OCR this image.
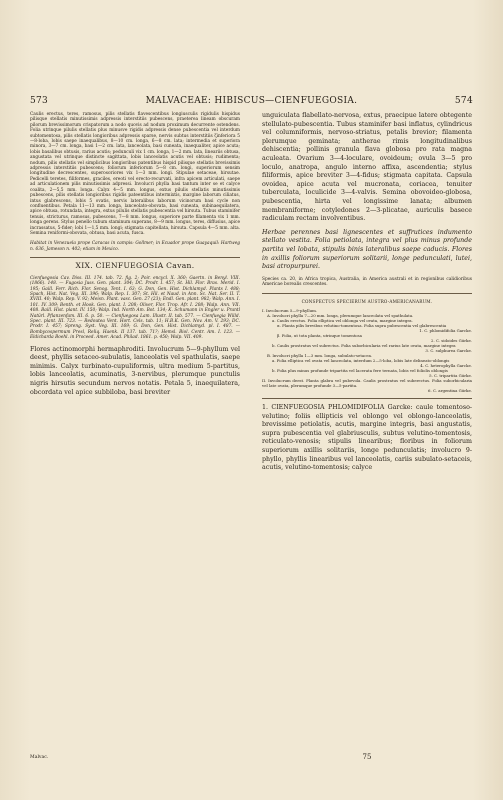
573	MALVACEAE: HIBISCUS—CIENFUEGOSIA.	574

Caulis erectus, teres, ramosus, pilis stellatis flavescentibus longiusculis rigidulis hispidus pilisque stellatis minutissimis adpressis interstitiis pubescens, praeterea lineam obscuram pilorum brevissimorum crispatorum a nodo quovis ad nodum proximum decurrente ostendens. Folia utrinque pilulis stellatis plus minusve rigidis adpressis dense pubescentia vel interdum subtomentosa, pilis stellatis longioribus adpressis sparse, nervis subtus interstitiis ζinferiora 5—8-loba, lobis saepe inaequalibus, 8—10 cm. longa, 6—8 cm. lata; intermedia et superiora minora, 3—7 cm. longa, basi 1—2 cm. lata, lanceolata, basi cuneata, inaequaliter, apice acuta; lobis basalibus obtusis, rarius acutis; pedunculi vix 1 cm. longa, 1—2 mm. lata, lineariis obtusa, angustata vel utrinque distincte sagittata, lobis lanceolatis acutis vel obtusis; rudimenta; nodum, pilis stellatis vel simplicibus longioribus patentibus hispid pilisque stellatis brevissimis adpressis interstitiis pubescens; foliorum inferiorum 5—8 cm. longi, superiorum sensim longitudine decrescentes, superosoriores vix 1—3 mm. longi. Stipulae setaceae, hirsutae. Pedicelli teretes, filiformes, graciles, ereoti vel erecto-recurvati, infra apicem articulati, saepe ad articulationem pilis minutissimis adpressi. Involucri phylla basi tantum inter se et calyce coalita, 2—5,5 mm. longa. Calyx 4—5 mm. longus, extus pilulis stellatis minutissimis pubescens, pilis stellatis longioribus rigidis pateentibus intermixtis, margine laborum ciliatus, intus glabrescens, lobis 5 ovatis, nervis lateralibus laborum vicinorum basi cycle non confluentibus. Petala 11—13 mm. longa, lanceolato-obovata, basi cuneata, subinaequilatera, apice obtusa, rotundata, integra, extus pilulis stellatis pubescentia vel hirsuta. Tubus staminifer tenuis, stricturus, ramosus, pubescens, 7—8 mm. longus, superiore parte filamenta vix 1 mm. longa gerens. Stylus penello tubum staminum superans, 8—9 mm. longus, teres, diffusius, apice incrassatus, 5-fider; lobi 1—1,5 mm. longi; stigmata capitellata, hirsuta. Capsula 4—5 mm. alta. Semina reniformi-obovata, obtusa, basi acuta, fusca.

Habitat in Venezuela prope Caracas in campis: Gollmer; in Ecuador prope Guayaquil: Hartweg n. 636, Jameson n. 402; etiam in Mexico.

XIX. CIENFUEGOSIA Cavan.

Cienfuegosia Cav. Diss. III. 174. tab. 72. fig. 2; Poir. encycl. X. 360; Gaertn. in Benyl. VIII. (1866). 148. — Fugosia Juss. Gen. plant. 304; DC. Prodr. I. 457; St. Hil. Flor. Bras. Merid. I. 195; Gaill. Ferr. Rich. Flor. Senog. Tent. I. 63; G. Don, Gen. Hist. Dichlamyd. Plants I. 488; Spach, Hist. Nat. Veg. III. 396; Walp. Rep. I. 307; St. Hil. et Naud. in Ann. Sc. Nat. Ser. II. T. XVIII. 40; Walp. Rep. V. 92; Meisn. Plant. vasc. Gen. 27 (23); Endl. Gen. plant. 982; Walp. Ann. I. 101. IV. 309; Benth. et Hook. Gen. plant. I. 208; Oliver, Flor. Trop. Afr. I. 208; Walp. Ann. VII. 408. Baill. Hist. plant. IV. 150; Walp. Ind. North Am. Bot. 134; K. Schumann in Engler u. Prantl Natürl. Pflanzenfam. III. 6. p. 50. — Cienfuegosa Lam. Illustr. II. tab. 577. — Cienfuegia Willd. Spec. plant. III. 723. — Redoutea Vent. Hort. Cels. tab. 11; H.B.K. Gen. Nov. Am. V. 293; DC. Prodr. I. 457; Spreng. Syst. Veg. III. 169; G. Don, Gen. Hist. Dichlamyd. pl. I. 487. — Bombycospermum Presl, Reliq. Haenk. II 137. tab. 71?; Hemsl. Biol. Centr. Am. I. 123. — Eldicharda Boehl. in Proceed. Amer. Acad. Philad. 1861. p. 450; Walp. VII. 409.

Flores actinomorphi hermaphroditi. Involucrum 5—9-phyllum vel deest, phyllis setaceo-subulatis, lanceolatis vel spathulatis, saepe minimis. Calyx turbinato-cupuliformis, ultra medium 5-partitus, lobis lanceolatis, acuminatis, 3-nervibus, plerumque punctulis nigris hirsutis secundum nervos notatis. Petala 5, inaequilatera, obcordata vel apice subbiloba, basi breviter

unguiculata flabellato-nervosa, extus, praecipue latere obtegente stellulato-pubescentia. Tubus staminifer basi inflatus, cylindricus vel columniformis, nervoso-striatus, petalis brevior; filamenta plerumque geminata; antherae rimis longitudinalibus dehiscentia; pollinis granula flava globosa pro rata magna aculeata. Ovarium 3—4-loculare, ovoideum; ovula 3—5 pro loculo, anatropa, angulo interno affixa, ascendentia; stylus filiformis, apice breviter 3—4-fidus; stigmata capitata. Capsula ovoidea, apice acuta vel mucronata, coriacea, tenuiter tuberculata, loculicide 3—4-valvis. Semina obovoideo-globosa, pubescentia, hirta vel longissime lanata; albumen membraniforme; cotyledones 2—3-plicatae, auriculis basece radiculam rectam involventibus.

Herbae perennes basi lignescentes et suffrutices indumento stellato vestita. Folia petiolata, integra vel plus minus profunde partita vel lobata, stipulis binis lateralibus saepe caducis. Flores in axillis foliorum superiorum solitarii, longe pedunculati, lutei, basi atropurpurei.

Species ca. 20, in Africa tropica, Australia, in America australi et in regionibus calidioribus Americae borealis crescentes.

CONSPECTUS SPECIERUM AUSTRO-AMERICANARUM.
I. Involucrum 5—9-phyllum.
A. Involucri phylla 7—20 mm. longa, plerumque lanceolata vel spathulata.
a. Caulis erectus. Folia elliptica vel oblonga vel ovata, margine integra.
α. Planta pilis brevibus velutino-tomentosa. Folia supra pubescentia vel glabrescentia
1. C. phlomidifolia Garcke.
β. Folia, ut tota planta, utrinque tomentosa
2. C. sidoides Gürke.
b. Caulis prostratus vel subrectus. Folia suborbicularia vel rarius late ovata, margine integra
3. C. sulphurea Garcke.
B. Involucri phylla 1—3 mm. longa, subulato-setacea.
a. Folia elliptica vel ovata vel lanceolata, interdum 2—5-loba, lobis late delineato-oblongis
4. C. heterophylla Garcke.
b. Folia plus minus profunde tripartita vel lacerata fere ternata, lobis vel foliolis oblongis
5. C. tripartita Gürke.
II. Involucrum deest. Planta glabra vel pubevola. Caulis prostratus vel suberectus. Folia suborbicularia vel late ovata, plerumque profunde 3—5-partita.
6. C. argentina Gürke.

1. CIENFUEGOSIA PHLOMIDIFOLIA Garcke: caule tomentoso-velutino; foliis ellipticis vel oblongo vel oblongo-lanceolatis, brevissime petiolatis, acutis, margine integris, basi angustatis, supra pubescentia vel glabriusculis, subtus velutino-tomentosis, reticulato-venosis; stipulis linearibus; floribus in foliorum superiorum axillis solitariis, longe pedunculatis; involucro 9-phyllo, phyllis linearibus vel lanceolatis, cariis subulato-setaceis, acutis, velutino-tomentosis; calyce

Malvac.	75
